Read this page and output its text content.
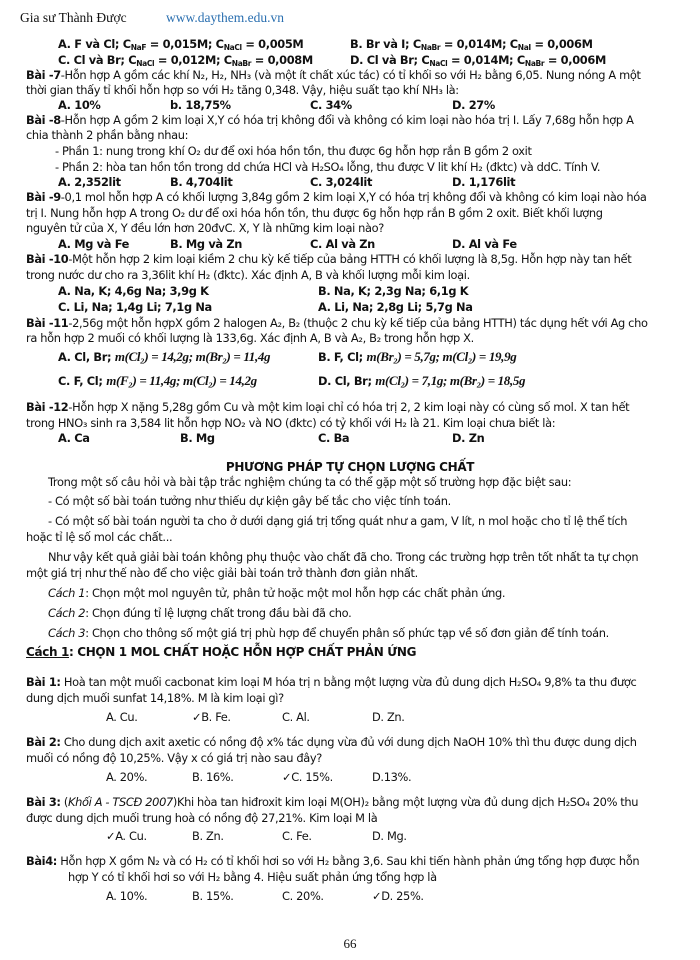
Gia sư Thành Được	www.daythem.edu.vn
A. F và Cl; $C_{NaF} = 0,015M$; $C_{NaCl} = 0,005M$	B. Br và I; $C_{NaBr} = 0,014M$; $C_{NaI} = 0,006M$
C. Cl và Br; $C_{NaCl} = 0,012M$; $C_{NaBr} = 0,008M$	D. Cl và Br; $C_{NaCl} = 0,014M$; $C_{NaBr} = 0,006M$
Bài -7-Hỗn hợp A gồm các khí N₂, H₂, NH₃ (và một ít chất xúc tác) có tỉ khối so với H₂ bằng 6,05. Nung nóng A một
thời gian thấy tỉ khối hỗn hợp so với H₂ tăng 0,348. Vậy, hiệu suất tạo khí NH₃ là:
A. 10%	b. 18,75%	C. 34%	D. 27%
Bài -8-Hỗn hợp A gồm 2 kim loại X,Y có hóa trị không đổi và không có kim loại nào hóa trị I. Lấy 7,68g hỗn hợp A
chia thành 2 phần bằng nhau:
- Phần 1: nung trong khí O₂ dư để oxi hóa hồn tồn, thu được 6g hỗn hợp rắn B gồm 2 oxit
- Phần 2: hòa tan hồn tồn trong dd chứa HCl và H₂SO₄ lỗng, thu được V lit khí H₂ (đktc) và ddC. Tính V.
A. 2,352lit	B. 4,704lit	C. 3,024lit	D. 1,176lit
Bài -9-0,1 mol hỗn hợp A có khối lượng 3,84g gồm 2 kim loại X,Y có hóa trị không đổi và không có kim loại nào hóa
trị I. Nung hỗn hợp A trong O₂ dư để oxi hóa hồn tồn, thu được 6g hỗn hợp rắn B gồm 2 oxit. Biết khối lượng
nguyên tử của X, Y đều lớn hơn 20đvC. X, Y là những kim loại nào?
A. Mg và Fe	B. Mg và Zn	C. Al và Zn	D. Al và Fe
Bài -10-Một hỗn hợp 2 kim loại kiềm 2 chu kỳ kế tiếp của bảng HTTH có khối lượng là 8,5g. Hỗn hợp này tan hết
trong nước dư cho ra 3,36lit khí H₂ (đktc). Xác định A, B và khối lượng mỗi kim loại.
A. Na, K; 4,6g Na; 3,9g K	B. Na, K; 2,3g Na; 6,1g K
C. Li, Na; 1,4g Li; 7,1g Na	A. Li, Na; 2,8g Li; 5,7g Na
Bài -11-2,56g một hỗn hợpX gồm 2 halogen A₂, B₂ (thuộc 2 chu kỳ kế tiếp của bảng HTTH) tác dụng hết với Ag cho
ra hỗn hợp 2 muối có khối lượng là 133,6g. Xác định A, B và A₂, B₂ trong hỗn hợp X.
A. Cl, Br; m(Cl₂) = 14,2g; m(Br₂) = 11,4g	B. F, Cl; m(Br₂) = 5,7g; m(Cl₂) = 19,9g
C. F, Cl; m(F₂) = 11,4g; m(Cl₂) = 14,2g	D. Cl, Br; m(Cl₂) = 7,1g; m(Br₂) = 18,5g
Bài -12-Hỗn hợp X nặng 5,28g gồm Cu và một kim loại chỉ có hóa trị 2, 2 kim loại này có cùng số mol. X tan hết
trong HNO₃ sinh ra 3,584 lit hỗn hợp NO₂ và NO (đktc) có tỷ khối với H₂ là 21. Kim loại chưa biết là:
A. Ca	B. Mg	C. Ba	D. Zn
PHƯƠNG PHÁP TỰ CHỌN LƯỢNG CHẤT
Trong một số câu hỏi và bài tập trắc nghiệm chúng ta có thể gặp một số trường hợp đặc biệt sau:
- Có một số bài toán tưởng như thiếu dự kiện gây bế tắc cho việc tính toán.
- Có một số bài toán người ta cho ở dưới dạng giá trị tổng quát như a gam, V lít, n mol hoặc cho tỉ lệ thể tích
hoặc tỉ lệ số mol các chất...
Như vậy kết quả giải bài toán không phụ thuộc vào chất đã cho. Trong các trường hợp trên tốt nhất ta tự chọn
một giá trị như thế nào để cho việc giải bài toán trở thành đơn giản nhất.
Cách 1: Chọn một mol nguyên tử, phân tử hoặc một mol hỗn hợp các chất phản ứng.
Cách 2: Chọn đúng tỉ lệ lượng chất trong đầu bài đã cho.
Cách 3: Chọn cho thông số một giá trị phù hợp để chuyển phân số phức tạp về số đơn giản để tính toán.
Cách 1: CHỌN 1 MOL CHẤT HOẶC HỖN HỢP CHẤT PHẢN ỨNG
Bài 1: Hoà tan một muối cacbonat kim loại M hóa trị n bằng một lượng vừa đủ dung dịch H₂SO₄ 9,8% ta thu được
dung dịch muối sunfat 14,18%. M là kim loại gì?
A. Cu.	✓B. Fe.	C. Al.	D. Zn.
Bài 2: Cho dung dịch axit axetic có nồng độ x% tác dụng vừa đủ với dung dịch NaOH 10% thì thu được dung dịch
muối có nồng độ 10,25%. Vậy x có giá trị nào sau đây?
A. 20%.	B. 16%.	✓C. 15%.	D.13%.
Bài 3: (Khối A - TSCĐ 2007)Khi hòa tan hiđroxit kim loại M(OH)₂ bằng một lượng vừa đủ dung dịch H₂SO₄ 20% thu
được dung dịch muối trung hoà có nồng độ 27,21%. Kim loại M là
✓A. Cu.	B. Zn.	C. Fe.	D. Mg.
Bài4: Hỗn hợp X gồm N₂ và có H₂ có tỉ khối hơi so với H₂ bằng 3,6. Sau khi tiến hành phản ứng tổng hợp được hỗn
hợp Y có tỉ khối hơi so với H₂ bằng 4. Hiệu suất phản ứng tổng hợp là
A. 10%.	B. 15%.	C. 20%.	✓D. 25%.
66
